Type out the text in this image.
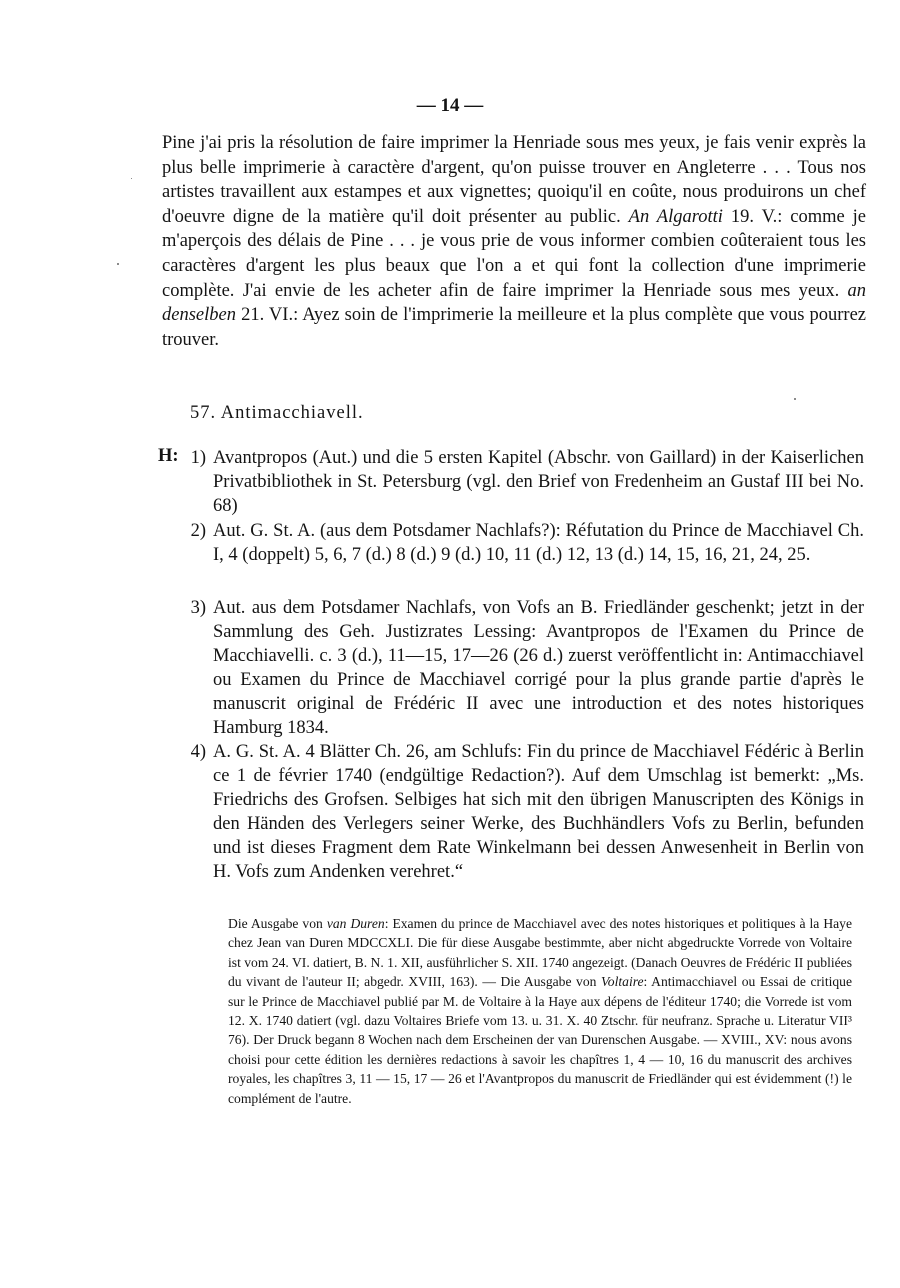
— 14 —
Pine j'ai pris la résolution de faire imprimer la Henriade sous mes yeux, je fais venir exprès la plus belle imprimerie à caractère d'argent, qu'on puisse trouver en Angleterre . . . Tous nos artistes travaillent aux estampes et aux vignettes; quoiqu'il en coûte, nous produirons un chef d'oeuvre digne de la matière qu'il doit présenter au public. An Algarotti 19. V.: comme je m'aperçois des délais de Pine . . . je vous prie de vous informer combien coûteraient tous les caractères d'argent les plus beaux que l'on a et qui font la collection d'une imprimerie complète. J'ai envie de les acheter afin de faire imprimer la Henriade sous mes yeux. an denselben 21. VI.: Ayez soin de l'imprimerie la meilleure et la plus complète que vous pourrez trouver.
57. Antimacchiavell.
H: 1) Avantpropos (Aut.) und die 5 ersten Kapitel (Abschr. von Gaillard) in der Kaiserlichen Privatbibliothek in St. Petersburg (vgl. den Brief von Fredenheim an Gustaf III bei No. 68)
2) Aut. G. St. A. (aus dem Potsdamer Nachlafs?): Réfutation du Prince de Macchiavel Ch. I, 4 (doppelt) 5, 6, 7 (d.) 8 (d.) 9 (d.) 10, 11 (d.) 12, 13 (d.) 14, 15, 16, 21, 24, 25.
3) Aut. aus dem Potsdamer Nachlafs, von Vofs an B. Friedländer geschenkt; jetzt in der Sammlung des Geh. Justizrates Lessing: Avantpropos de l'Examen du Prince de Macchiavelli. c. 3 (d.), 11—15, 17—26 (26 d.) zuerst veröffentlicht in: Antimacchiavel ou Examen du Prince de Macchiavel corrigé pour la plus grande partie d'après le manuscrit original de Frédéric II avec une introduction et des notes historiques Hamburg 1834.
4) A. G. St. A. 4 Blätter Ch. 26, am Schlufs: Fin du prince de Macchiavel Fédéric à Berlin ce 1 de février 1740 (endgültige Redaction?). Auf dem Umschlag ist bemerkt: „Ms. Friedrichs des Grofsen. Selbiges hat sich mit den übrigen Manuscripten des Königs in den Händen des Verlegers seiner Werke, des Buchhändlers Vofs zu Berlin, befunden und ist dieses Fragment dem Rate Winkelmann bei dessen Anwesenheit in Berlin von H. Vofs zum Andenken verehret.“
Die Ausgabe von van Duren: Examen du prince de Macchiavel avec des notes historiques et politiques à la Haye chez Jean van Duren MDCCXLI. Die für diese Ausgabe bestimmte, aber nicht abgedruckte Vorrede von Voltaire ist vom 24. VI. datiert, B. N. 1. XII, ausführlicher S. XII. 1740 angezeigt. (Danach Oeuvres de Frédéric II publiées du vivant de l'auteur II; abgedr. XVIII, 163). — Die Ausgabe von Voltaire: Antimacchiavel ou Essai de critique sur le Prince de Macchiavel publié par M. de Voltaire à la Haye aux dépens de l'éditeur 1740; die Vorrede ist vom 12. X. 1740 datiert (vgl. dazu Voltaires Briefe vom 13. u. 31. X. 40 Ztschr. für neufranz. Sprache u. Literatur VII³ 76). Der Druck begann 8 Wochen nach dem Erscheinen der van Durenschen Ausgabe. — XVIII., XV: nous avons choisi pour cette édition les dernières redactions à savoir les chapîtres 1, 4 — 10, 16 du manuscrit des archives royales, les chapîtres 3, 11 — 15, 17 — 26 et l'Avantpropos du manuscrit de Friedländer qui est évidemment (!) le complément de l'autre.
